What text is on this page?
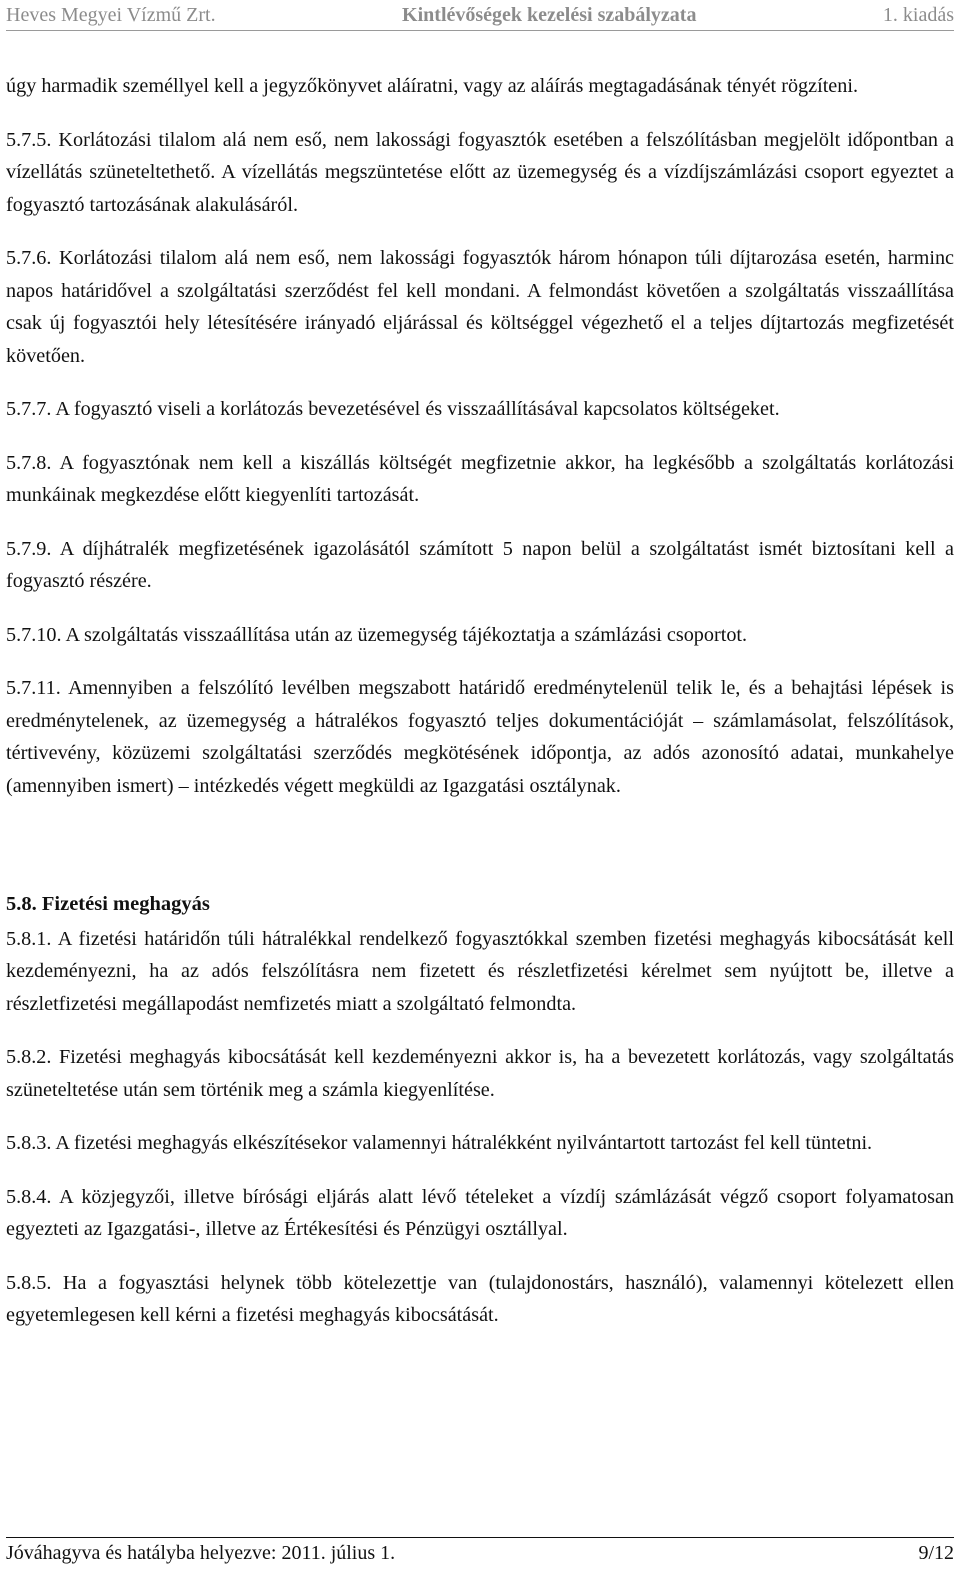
Heves Megyei Vízmű Zrt.	Kintlévőségek kezelési szabályzata	1. kiadás

úgy harmadik személlyel kell a jegyzőkönyvet aláíratni, vagy az aláírás megtagadásának tényét rögzíteni.

5.7.5. Korlátozási tilalom alá nem eső, nem lakossági fogyasztók esetében a felszólításban megjelölt időpontban a vízellátás szüneteltethető. A vízellátás megszüntetése előtt az üzemegység és a vízdíjszámlázási csoport egyeztet a fogyasztó tartozásának alakulásáról.

5.7.6. Korlátozási tilalom alá nem eső, nem lakossági fogyasztók három hónapon túli díjtarozása esetén, harminc napos határidővel a szolgáltatási szerződést fel kell mondani. A felmondást követően a szolgáltatás visszaállítása csak új fogyasztói hely létesítésére irányadó eljárással és költséggel végezhető el a teljes díjtartozás megfizetését követően.

5.7.7. A fogyasztó viseli a korlátozás bevezetésével és visszaállításával kapcsolatos költségeket.

5.7.8. A fogyasztónak nem kell a kiszállás költségét megfizetnie akkor, ha legkésőbb a szolgáltatás korlátozási munkáinak megkezdése előtt kiegyenlíti tartozását.

5.7.9. A díjhátralék megfizetésének igazolásától számított 5 napon belül a szolgáltatást ismét biztosítani kell a fogyasztó részére.

5.7.10. A szolgáltatás visszaállítása után az üzemegység tájékoztatja a számlázási csoportot.

5.7.11. Amennyiben a felszólító levélben megszabott határidő eredménytelenül telik le, és a behajtási lépések is eredménytelenek, az üzemegység a hátralékos fogyasztó teljes dokumentációját – számlamásolat, felszólítások, tértivevény, közüzemi szolgáltatási szerződés megkötésének időpontja, az adós azonosító adatai, munkahelye (amennyiben ismert) – intézkedés végett megküldi az Igazgatási osztálynak.

5.8. Fizetési meghagyás

5.8.1. A fizetési határidőn túli hátralékkal rendelkező fogyasztókkal szemben fizetési meghagyás kibocsátását kell kezdeményezni, ha az adós felszólításra nem fizetett és részletfizetési kérelmet sem nyújtott be, illetve a részletfizetési megállapodást nemfizetés miatt a szolgáltató felmondta.

5.8.2. Fizetési meghagyás kibocsátását kell kezdeményezni akkor is, ha a bevezetett korlátozás, vagy szolgáltatás szüneteltetése után sem történik meg a számla kiegyenlítése.

5.8.3. A fizetési meghagyás elkészítésekor valamennyi hátralékként nyilvántartott tartozást fel kell tüntetni.

5.8.4. A közjegyzői, illetve bírósági eljárás alatt lévő tételeket a vízdíj számlázását végző csoport folyamatosan egyezteti az Igazgatási-, illetve az Értékesítési és Pénzügyi osztállyal.

5.8.5. Ha a fogyasztási helynek több kötelezettje van (tulajdonostárs, használó), valamennyi kötelezett ellen egyetemlegesen kell kérni a fizetési meghagyás kibocsátását.

Jóváhagyva és hatályba helyezve: 2011. július 1.	9/12
